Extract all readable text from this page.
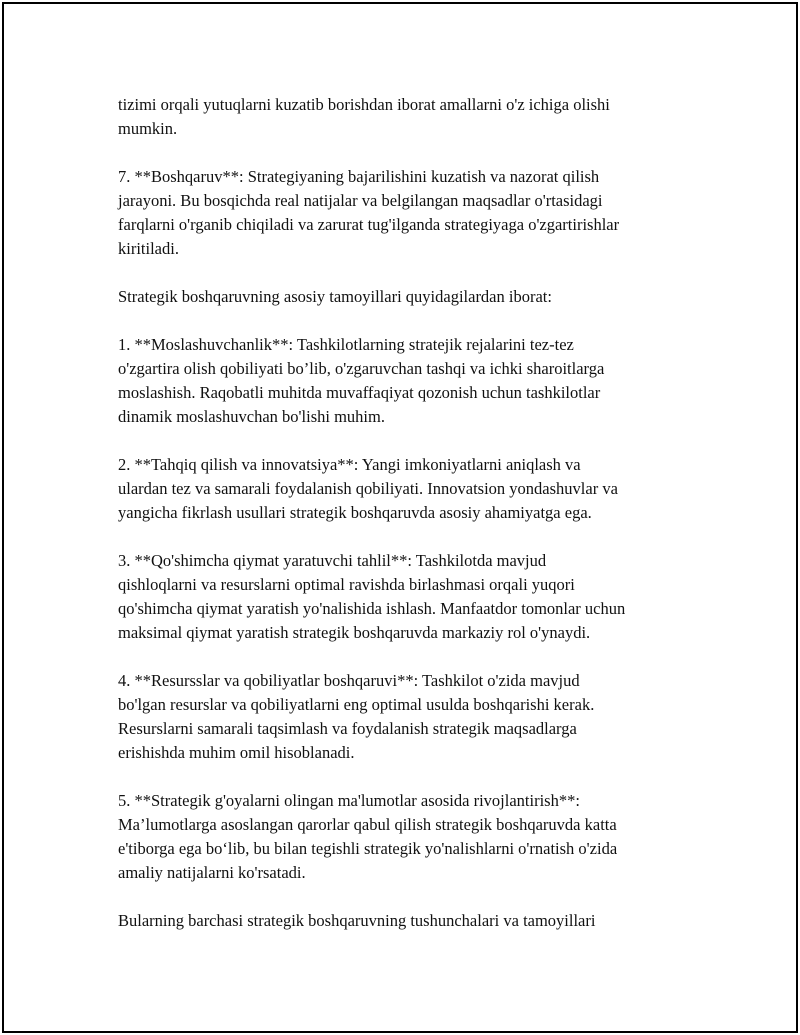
tizimi orqali yutuqlarni kuzatib borishdan iborat amallarni o'z ichiga olishi
mumkin.

7. **Boshqaruv**: Strategiyaning bajarilishini kuzatish va nazorat qilish
jarayoni. Bu bosqichda real natijalar va belgilangan maqsadlar o'rtasidagi
farqlarni o'rganib chiqiladi va zarurat tug'ilganda strategiyaga o'zgartirishlar
kiritiladi.

Strategik boshqaruvning asosiy tamoyillari quyidagilardan iborat:

1. **Moslashuvchanlik**: Tashkilotlarning stratejik rejalarini tez-tez
o'zgartira olish qobiliyati bo’lib, o'zgaruvchan tashqi va ichki sharoitlarga
moslashish. Raqobatli muhitda muvaffaqiyat qozonish uchun tashkilotlar
dinamik moslashuvchan bo'lishi muhim.

2. **Tahqiq qilish va innovatsiya**: Yangi imkoniyatlarni aniqlash va
ulardan tez va samarali foydalanish qobiliyati. Innovatsion yondashuvlar va
yangicha fikrlash usullari strategik boshqaruvda asosiy ahamiyatga ega.

3. **Qo'shimcha qiymat yaratuvchi tahlil**: Tashkilotda mavjud
qishloqlarni va resurslarni optimal ravishda birlashmasi orqali yuqori
qo'shimcha qiymat yaratish yo'nalishida ishlash. Manfaatdor tomonlar uchun
maksimal qiymat yaratish strategik boshqaruvda markaziy rol o'ynaydi.

4. **Resursslar va qobiliyatlar boshqaruvi**: Tashkilot o'zida mavjud
bo'lgan resurslar va qobiliyatlarni eng optimal usulda boshqarishi kerak.
Resurslarni samarali taqsimlash va foydalanish strategik maqsadlarga
erishishda muhim omil hisoblanadi.

5. **Strategik g'oyalarni olingan ma'lumotlar asosida rivojlantirish**:
Ma’lumotlarga asoslangan qarorlar qabul qilish strategik boshqaruvda katta
e'tiborga ega bo‘lib, bu bilan tegishli strategik yo'nalishlarni o'rnatish o'zida
amaliy natijalarni ko'rsatadi.

Bularning barchasi strategik boshqaruvning tushunchalari va tamoyillari
